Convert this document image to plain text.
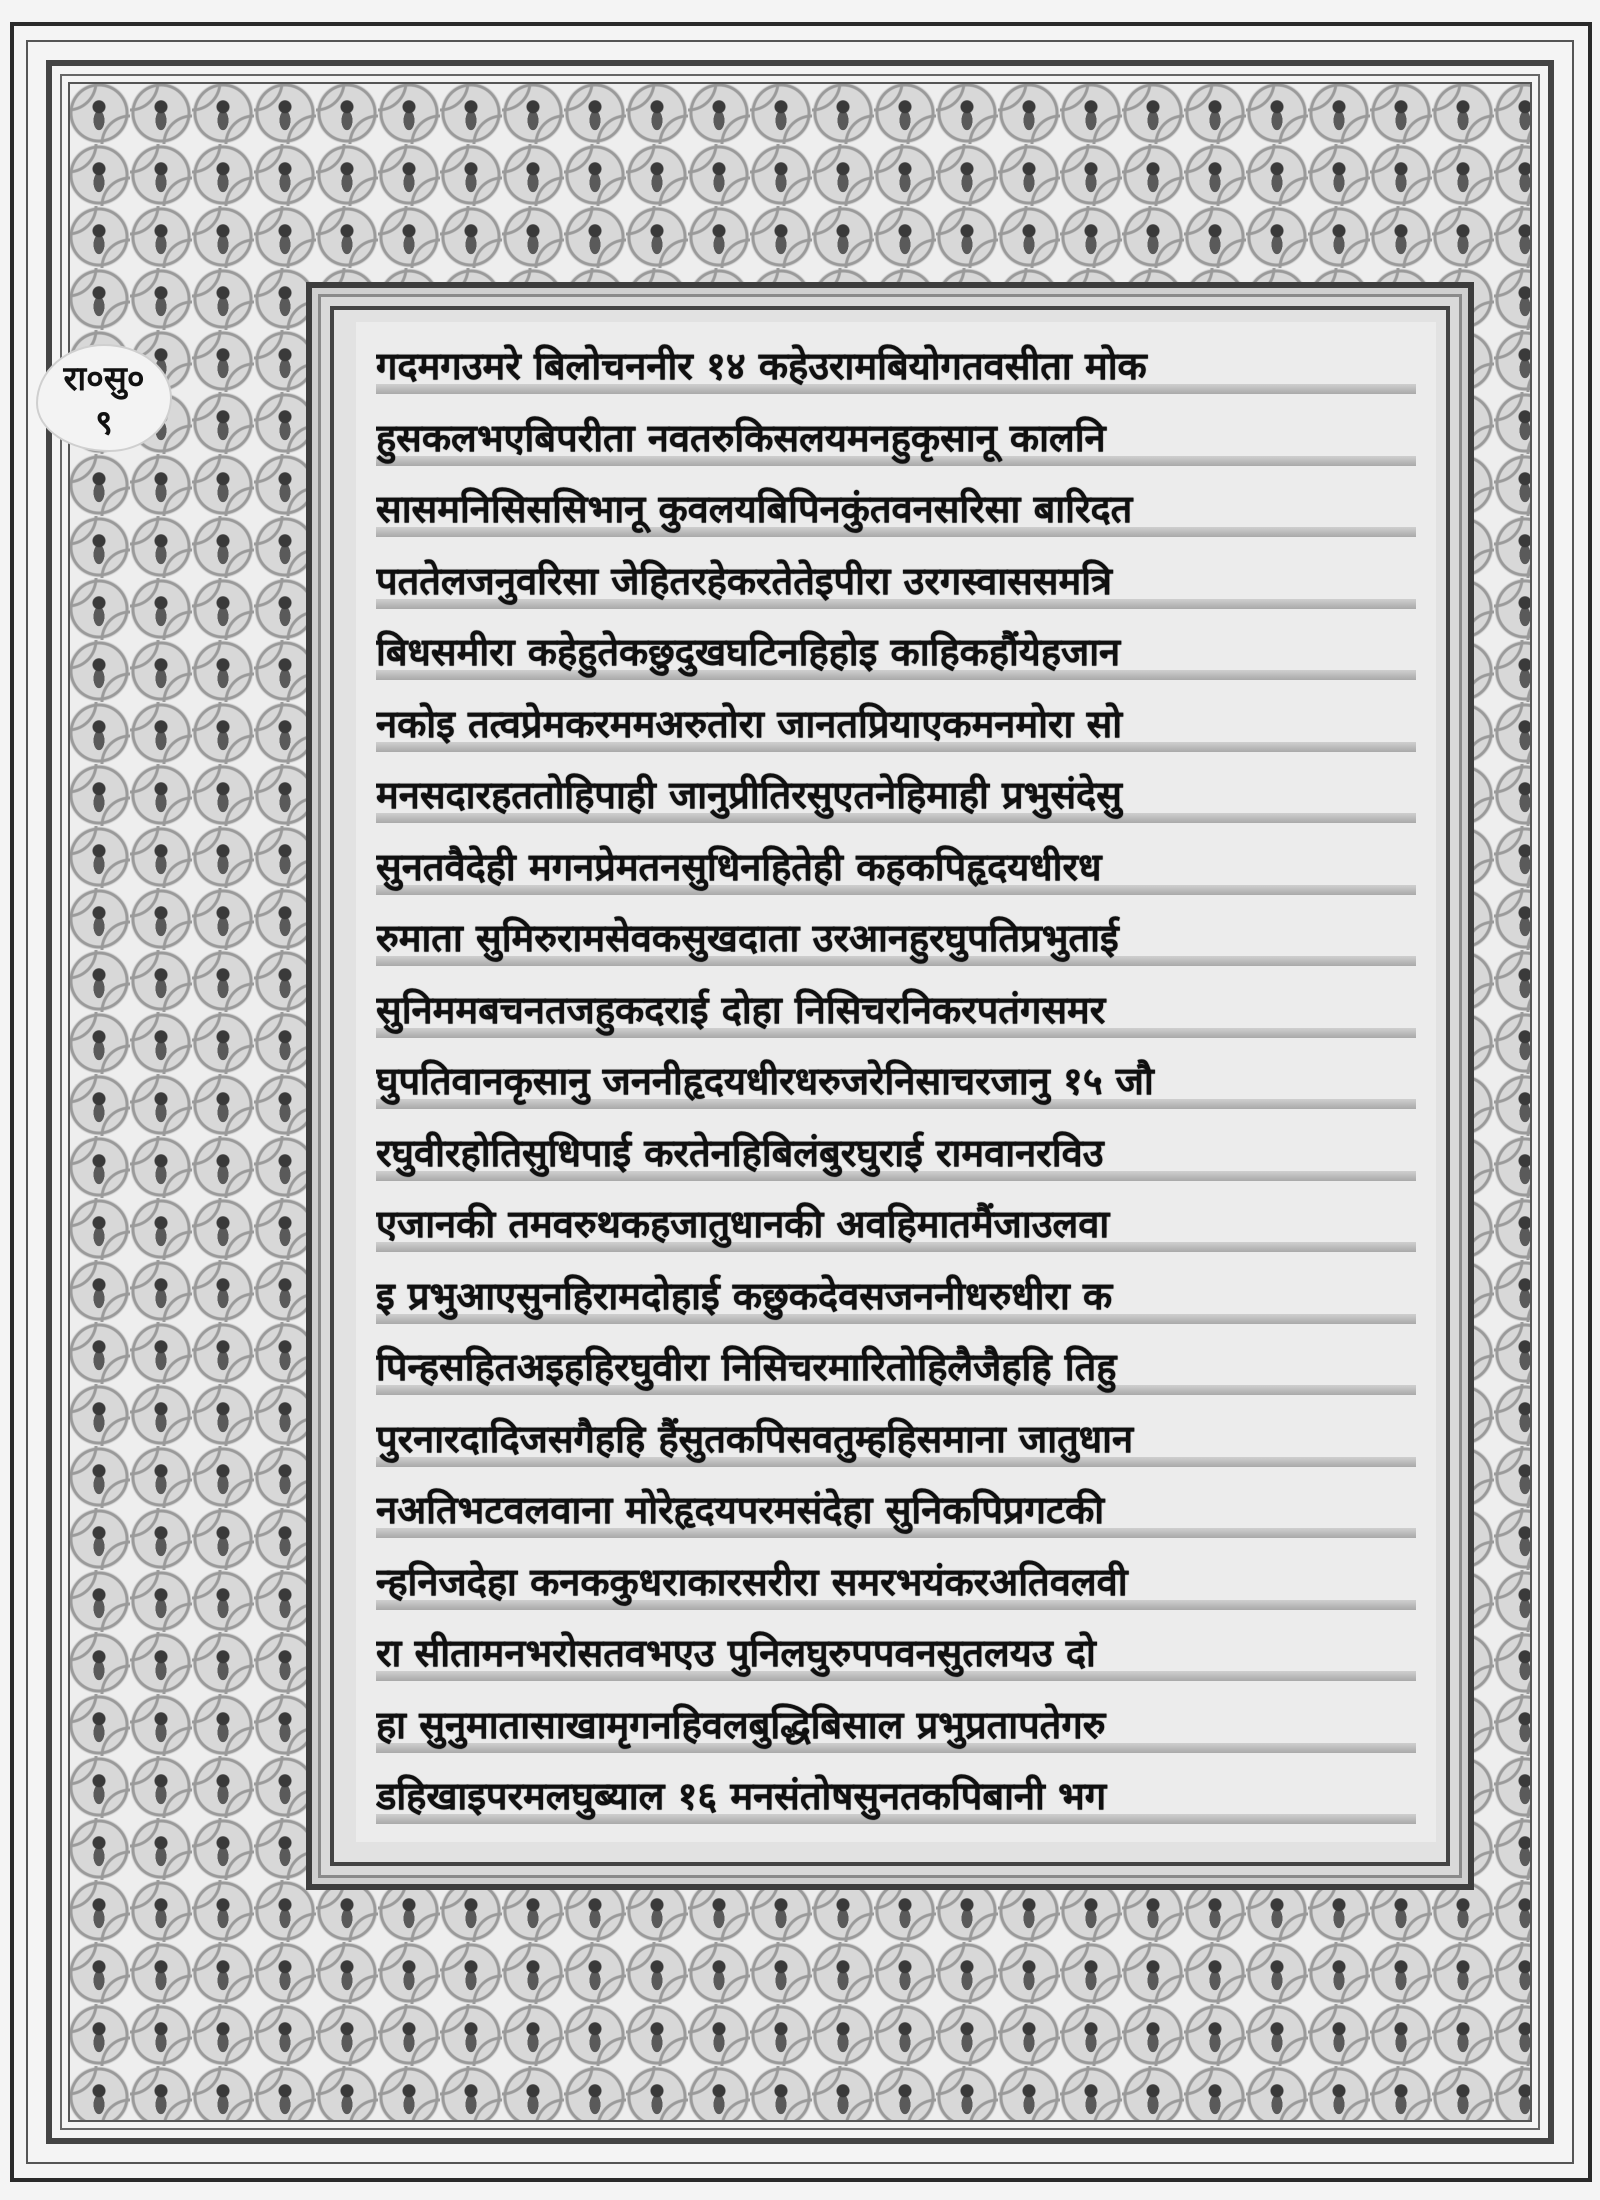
गदमगउमरे बिलोचननीर १४ कहेउरामबियोगतवसीता मोक
हुसकलभएबिपरीता नवतरुकिसलयमनहुकृसानू कालनि
सासमनिसिससिभानू कुवलयबिपिनकुंतवनसरिसा बारिदत
पततेलजनुवरिसा जेहितरहेकरतेतेइपीरा उरगस्वाससमत्रि
बिधसमीरा कहेहुतेकछुदुखघटिनहिहोइ काहिकहौंयेहजान
नकोइ तत्वप्रेमकरममअरुतोरा जानतप्रियाएकमनमोरा सो
मनसदारहततोहिपाही जानुप्रीतिरसुएतनेहिमाही प्रभुसंदेसु
सुनतवैदेही मगनप्रेमतनसुधिनहितेही कहकपिहृदयधीरध
रुमाता सुमिरुरामसेवकसुखदाता उरआनहुरघुपतिप्रभुताई
सुनिममबचनतजहुकदराई दोहा निसिचरनिकरपतंगसमर
घुपतिवानकृसानु जननीहृदयधीरधरुजरेनिसाचरजानु १५ जौ
रघुवीरहोतिसुधिपाई करतेनहिबिलंबुरघुराई रामवानरविउ
एजानकी तमवरुथकहजातुधानकी अवहिमातमैंजाउलवा
इ प्रभुआएसुनहिरामदोहाई कछुकदेवसजननीधरुधीरा क
पिन्हसहितअइहहिरघुवीरा निसिचरमारितोहिलैजैहहि तिहु
पुरनारदादिजसगैहहि हैंसुतकपिसवतुम्हहिसमाना जातुधान
नअतिभटवलवाना मोरेहृदयपरमसंदेहा सुनिकपिप्रगटकी
न्हनिजदेहा कनककुधराकारसरीरा समरभयंकरअतिवलवी
रा सीतामनभरोसतवभएउ पुनिलघुरुपपवनसुतलयउ दो
हा सुनुमातासाखामृगनहिवलबुद्धिबिसाल प्रभुप्रतापतेगरु
डहिखाइपरमलघुब्याल १६ मनसंतोषसुनतकपिबानी भग
रा०सु०
९
